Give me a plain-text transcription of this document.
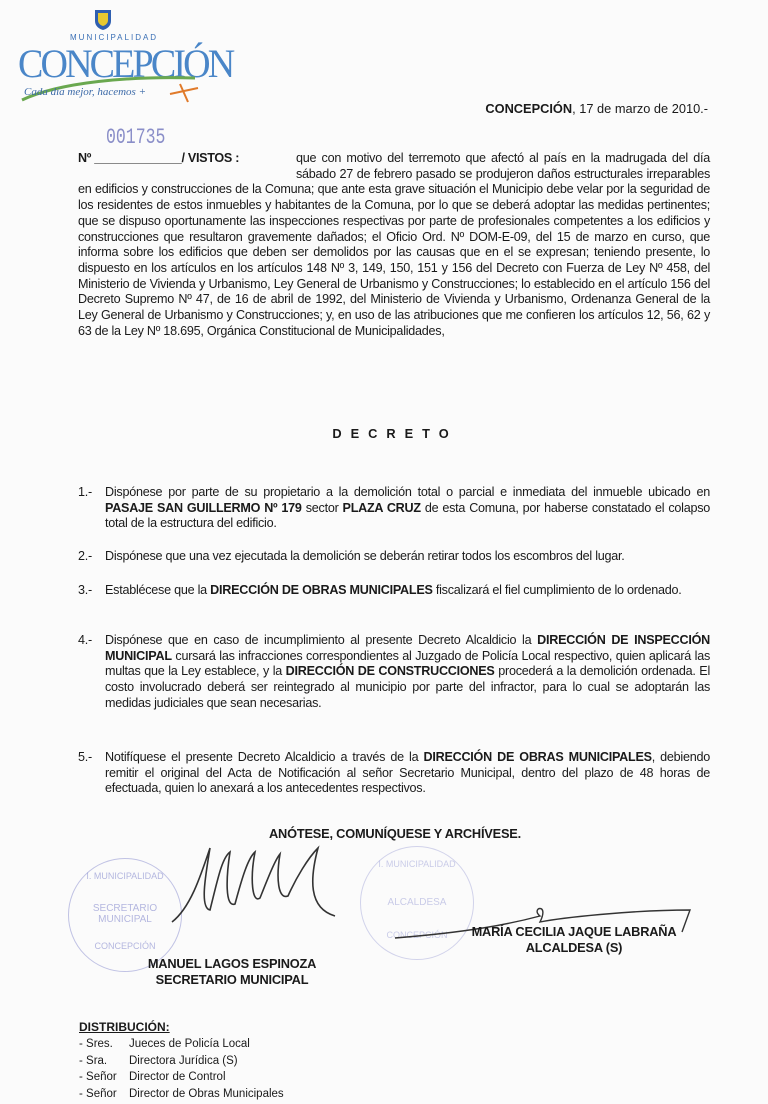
MUNICIPALIDAD
CONCEPCIÓN
Cada día mejor, hacemos +
CONCEPCIÓN, 17 de marzo de 2010.-
001735
Nº _____________/ VISTOS :	que con motivo del terremoto que afectó al país en la madrugada del día sábado 27 de febrero pasado se produjeron daños estructurales irreparables en edificios y construcciones de la Comuna; que ante esta grave situación el Municipio debe velar por la seguridad de los residentes de estos inmuebles y habitantes de la Comuna, por lo que se deberá adoptar las medidas pertinentes; que se dispuso oportunamente las inspecciones respectivas por parte de profesionales competentes a los edificios y construcciones que resultaron gravemente dañados; el Oficio Ord. Nº DOM-E-09, del 15 de marzo en curso, que informa sobre los edificios que deben ser demolidos por las causas que en el se expresan; teniendo presente, lo dispuesto en los artículos en los artículos 148 Nº 3, 149, 150, 151 y 156 del Decreto con Fuerza de Ley Nº 458, del Ministerio de Vivienda y Urbanismo, Ley General de Urbanismo y Construcciones; lo establecido en el artículo 156 del Decreto Supremo Nº 47, de 16 de abril de 1992, del Ministerio de Vivienda y Urbanismo, Ordenanza General de la Ley General de Urbanismo y Construcciones; y, en uso de las atribuciones que me confieren los artículos 12, 56, 62 y 63 de la Ley Nº 18.695, Orgánica Constitucional de Municipalidades,
DECRETO
1.- Dispónese por parte de su propietario a la demolición total o parcial e inmediata del inmueble ubicado en PASAJE SAN GUILLERMO Nº 179 sector PLAZA CRUZ de esta Comuna, por haberse constatado el colapso total de la estructura del edificio.
2.- Dispónese que una vez ejecutada la demolición se deberán retirar todos los escombros del lugar.
3.- Establécese que la DIRECCIÓN DE OBRAS MUNICIPALES fiscalizará el fiel cumplimiento de lo ordenado.
4.- Dispónese que en caso de incumplimiento al presente Decreto Alcaldicio la DIRECCIÓN DE INSPECCIÓN MUNICIPAL cursará las infracciones correspondientes al Juzgado de Policía Local respectivo, quien aplicará las multas que la Ley establece, y la DIRECCIÓN DE CONSTRUCCIONES procederá a la demolición ordenada. El costo involucrado deberá ser reintegrado al municipio por parte del infractor, para lo cual se adoptarán las medidas judiciales que sean necesarias.
5.- Notifíquese el presente Decreto Alcaldicio a través de la DIRECCIÓN DE OBRAS MUNICIPALES, debiendo remitir el original del Acta de Notificación al señor Secretario Municipal, dentro del plazo de 48 horas de efectuada, quien lo anexará a los antecedentes respectivos.
ANÓTESE, COMUNÍQUESE Y ARCHÍVESE.
I. MUNICIPALIDAD
SECRETARIO MUNICIPAL
CONCEPCIÓN
MANUEL LAGOS ESPINOZA
SECRETARIO MUNICIPAL
I. MUNICIPALIDAD
ALCALDESA
CONCEPCIÓN	MARÍA CECILIA JAQUE LABRAÑA
ALCALDESA (S)
DISTRIBUCIÓN:
- Sres. Jueces de Policía Local
- Sra. Directora Jurídica (S)
- Señor Director de Control
- Señor Director de Obras Municipales
